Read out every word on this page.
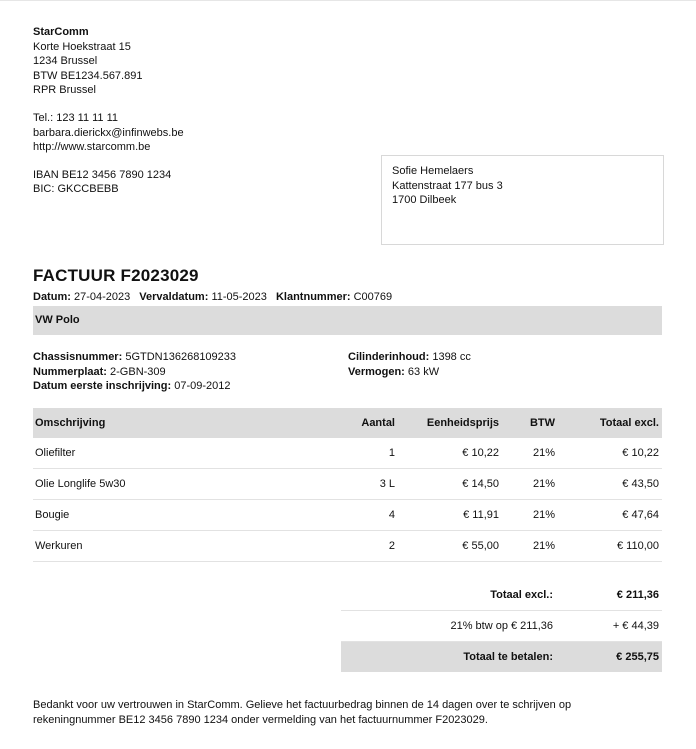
StarComm
Korte Hoekstraat 15
1234 Brussel
BTW BE1234.567.891
RPR Brussel
Tel.: 123 11 11 11
barbara.dierickx@infinwebs.be
http://www.starcomm.be
IBAN BE12 3456 7890 1234
BIC: GKCCBEBB
Sofie Hemelaers
Kattenstraat 177 bus 3
1700 Dilbeek
FACTUUR F2023029
Datum: 27-04-2023 Vervaldatum: 11-05-2023 Klantnummer: C00769
VW Polo
Chassisnummer: 5GTDN136268109233
Nummerplaat: 2-GBN-309
Datum eerste inschrijving: 07-09-2012
Cilinderinhoud: 1398 cc
Vermogen: 63 kW
Omschrijving	Aantal	Eenheidsprijs	BTW	Totaal excl.
Oliefilter	1	€ 10,22	21%	€ 10,22
Olie Longlife 5w30	3 L	€ 14,50	21%	€ 43,50
Bougie	4	€ 11,91	21%	€ 47,64
Werkuren	2	€ 55,00	21%	€ 110,00
Totaal excl.:	€ 211,36
21% btw op € 211,36	+ € 44,39
Totaal te betalen:	€ 255,75
Bedankt voor uw vertrouwen in StarComm. Gelieve het factuurbedrag binnen de 14 dagen over te schrijven op
rekeningnummer BE12 3456 7890 1234 onder vermelding van het factuurnummer F2023029.
